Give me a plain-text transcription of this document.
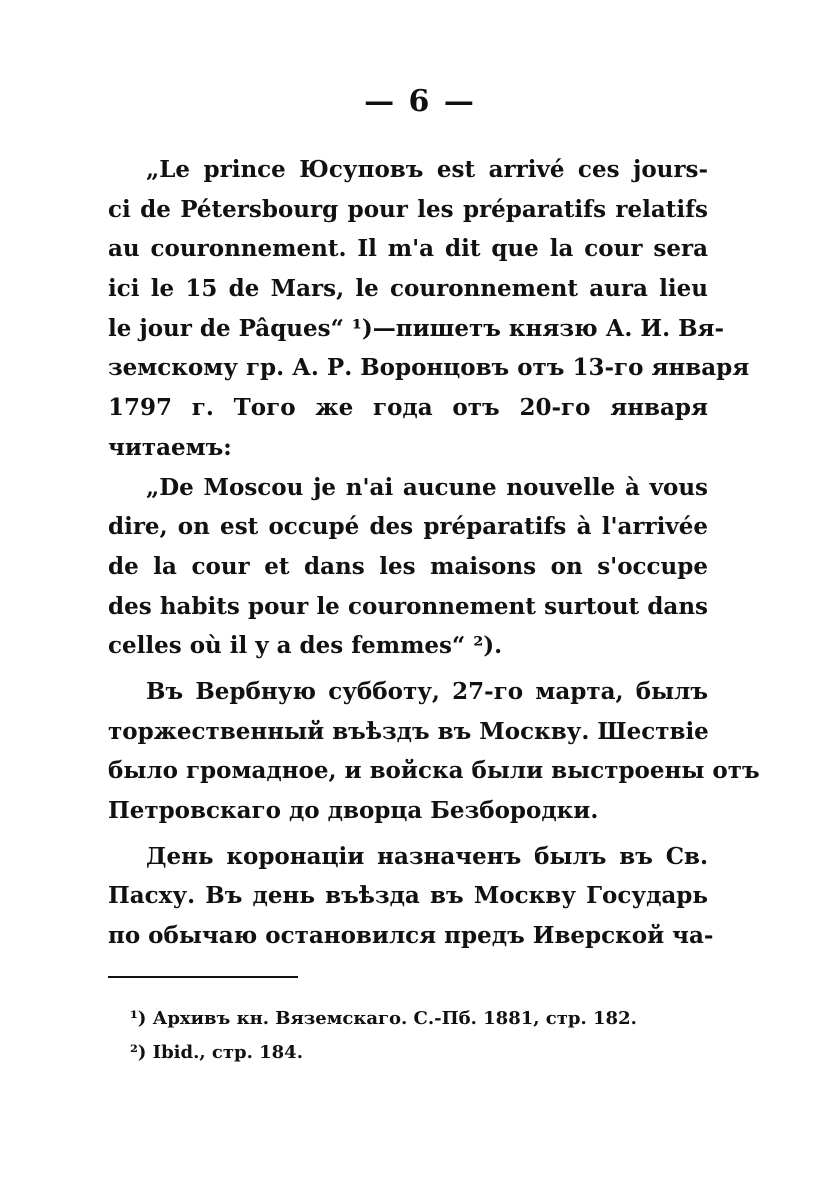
— 6 —
„Le prince Юсуповъ est arrivé ces jours-
ci de Pétersbourg pour les préparatifs relatifs
au couronnement. Il m'a dit que la cour sera
ici le 15 de Mars, le couronnement aura lieu
le jour de Pâques“ ¹)—пишетъ князю А. И. Вя-
земскому гр. А. Р. Воронцовъ отъ 13-го января
1797 г. Того же года отъ 20-го января
читаемъ:
„De Moscou je n'ai aucune nouvelle à vous
dire, on est occupé des préparatifs à l'arrivée
de la cour et dans les maisons on s'occupe
des habits pour le couronnement surtout dans
celles où il y a des femmes“ ²).
Въ Вербную субботу, 27-го марта, былъ
торжественный въѣздъ въ Москву. Шествіе
было громадное, и войска были выстроены отъ
Петровскаго до дворца Безбородки.
День коронаціи назначенъ былъ въ Св.
Пасху. Въ день въѣзда въ Москву Государь
по обычаю остановился предъ Иверской ча-
¹) Архивъ кн. Вяземскаго. С.-Пб. 1881, стр. 182.
²) Ibid., стр. 184.
